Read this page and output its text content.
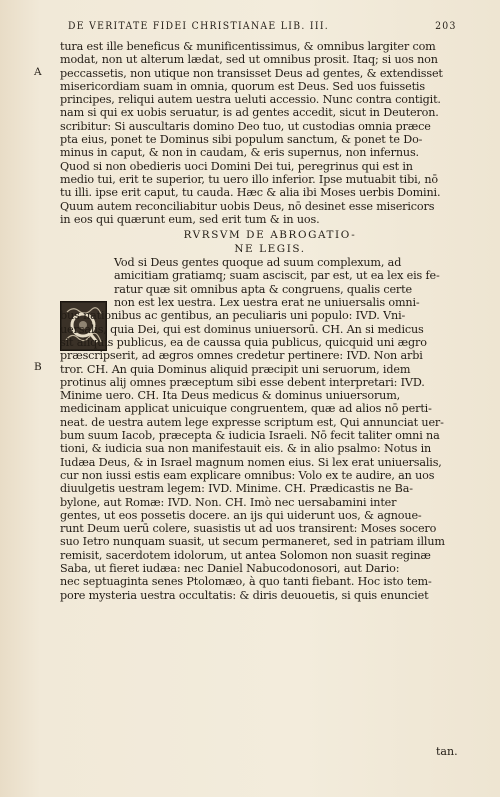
DE VERITATE FIDEI CHRISTIANAE LIB. III.	203
A
B
tura est ille beneficus & munificentissimus, & omnibus largiter com
modat, non ut alterum lædat, sed ut omnibus prosit. Itaq; si uos non
peccassetis, non utique non transisset Deus ad gentes, & extendisset
misericordiam suam in omnia, quorum est Deus. Sed uos fuissetis
principes, reliqui autem uestra ueluti accessio. Nunc contra contigit.
nam si qui ex uobis seruatur, is ad gentes accedit, sicut in Deuteron.
scribitur: Si auscultaris domino Deo tuo, ut custodias omnia præce
pta eius, ponet te Dominus sibi populum sanctum, & ponet te Do-
minus in caput, & non in caudam, & eris supernus, non infernus.
Quod si non obedieris uoci Domini Dei tui, peregrinus qui est in
medio tui, erit te superior, tu uero illo inferior. Ipse mutuabit tibi, nō
tu illi. ipse erit caput, tu cauda. Hæc & alia ibi Moses uerbis Domini.
Quum autem reconciliabitur uobis Deus, nō desinet esse misericors
in eos qui quærunt eum, sed erit tum & in uos.
RVRSVM DE ABROGATIO-
NE LEGIS.
Vod si Deus gentes quoque ad suum complexum, ad
amicitiam gratiamq; suam asciscit, par est, ut ea lex eis fe-
ratur quæ sit omnibus apta & congruens, qualis certe
non est lex uestra. Lex uestra erat ne uniuersalis omni-
bus nationibus ac gentibus, an peculiaris uni populo: IVD. Vni-
uersalis, quia Dei, qui est dominus uniuersorū. CH. An si medicus
sit aliquis publicus, ea de caussa quia publicus, quicquid uni ægro
præscripserit, ad ægros omnes credetur pertinere: IVD. Non arbi
tror. CH. An quia Dominus aliquid præcipit uni seruorum, idem
protinus alij omnes præceptum sibi esse debent interpretari: IVD.
Minime uero. CH. Ita Deus medicus & dominus uniuersorum,
medicinam applicat unicuique congruentem, quæ ad alios nō perti-
neat. de uestra autem lege expresse scriptum est, Qui annunciat uer-
bum suum Iacob, præcepta & iudicia Israeli. Nō fecit taliter omni na
tioni, & iudicia sua non manifestauit eis. & in alio psalmo: Notus in
Iudæa Deus, & in Israel magnum nomen eius. Si lex erat uniuersalis,
cur non iussi estis eam explicare omnibus: Volo ex te audire, an uos
diuulgetis uestram legem: IVD. Minime. CH. Prædicastis ne Ba-
bylone, aut Romæ: IVD. Non. CH. Imò nec uersabamini inter
gentes, ut eos possetis docere. an ijs qui uiderunt uos, & agnoue-
runt Deum uerū colere, suasistis ut ad uos transirent: Moses socero
suo Ietro nunquam suasit, ut secum permaneret, sed in patriam illum
remisit, sacerdotem idolorum, ut antea Solomon non suasit reginæ
Saba, ut fieret iudæa: nec Daniel Nabucodonosori, aut Dario:
nec septuaginta senes Ptolomæo, à quo tanti fiebant. Hoc isto tem-
pore mysteria uestra occultatis: & diris deuouetis, si quis enunciet
tan.
